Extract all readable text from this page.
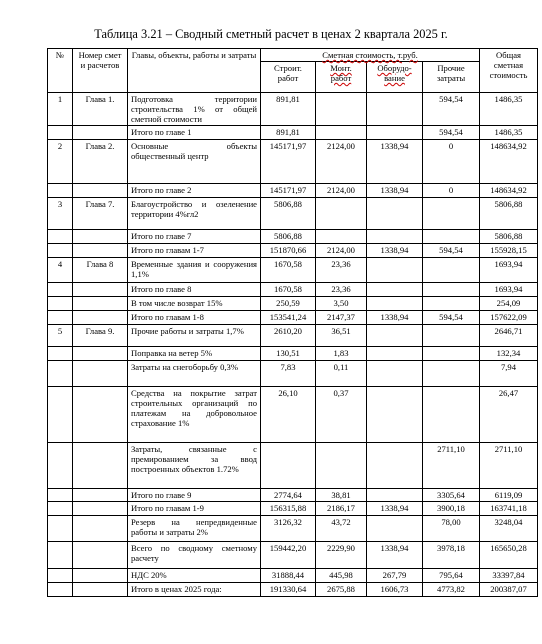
Таблица 3.21 – Сводный сметный расчет в ценах 2 квартала 2025 г.
№	Номер смет и расчетов	Главы, объекты, работы и затраты	Сметная стоимость, т.руб.				Общая сметная стоимость
			Строит. работ	Монт. работ	Оборудо-вание	Прочие затраты	
1	Глава 1.	Подготовка территории строительства 1% от общей сметной стоимости	891,81			594,54	1486,35
		Итого по главе 1	891,81			594,54	1486,35
2	Глава 2.	Основные объекты общественный центр	145171,97	2124,00	1338,94	0	148634,92
		Итого по главе 2	145171,97	2124,00	1338,94	0	148634,92
3	Глава 7.	Благоустройство и озеленение территории 4%гл2	5806,88				5806,88
		Итого по главе 7	5806,88				5806,88
		Итого по главам 1-7	151870,66	2124,00	1338,94	594,54	155928,15
4	Глава 8	Временные здания и сооружения 1,1%	1670,58	23,36			1693,94
		Итого по главе 8	1670,58	23,36			1693,94
		В том числе возврат 15%	250,59	3,50			254,09
		Итого по главам 1-8	153541,24	2147,37	1338,94	594,54	157622,09
5	Глава 9.	Прочие работы и затраты 1,7%	2610,20	36,51			2646,71
		Поправка на ветер 5%	130,51	1,83			132,34
		Затраты на снегоборьбу 0,3%	7,83	0,11			7,94
		Средства на покрытие затрат строительных организаций по платежам на добровольное страхование 1%	26,10	0,37			26,47
		Затраты, связанные с премированием за ввод построенных объектов 1.72%				2711,10	2711,10
		Итого по главе 9	2774,64	38,81		3305,64	6119,09
		Итого по главам 1-9	156315,88	2186,17	1338,94	3900,18	163741,18
		Резерв на непредвиденные работы и затраты 2%	3126,32	43,72		78,00	3248,04
		Всего по сводному сметному расчету	159442,20	2229,90	1338,94	3978,18	165650,28
		НДС 20%	31888,44	445,98	267,79	795,64	33397,84
		Итого в ценах 2025 года:	191330,64	2675,88	1606,73	4773,82	200387,07
